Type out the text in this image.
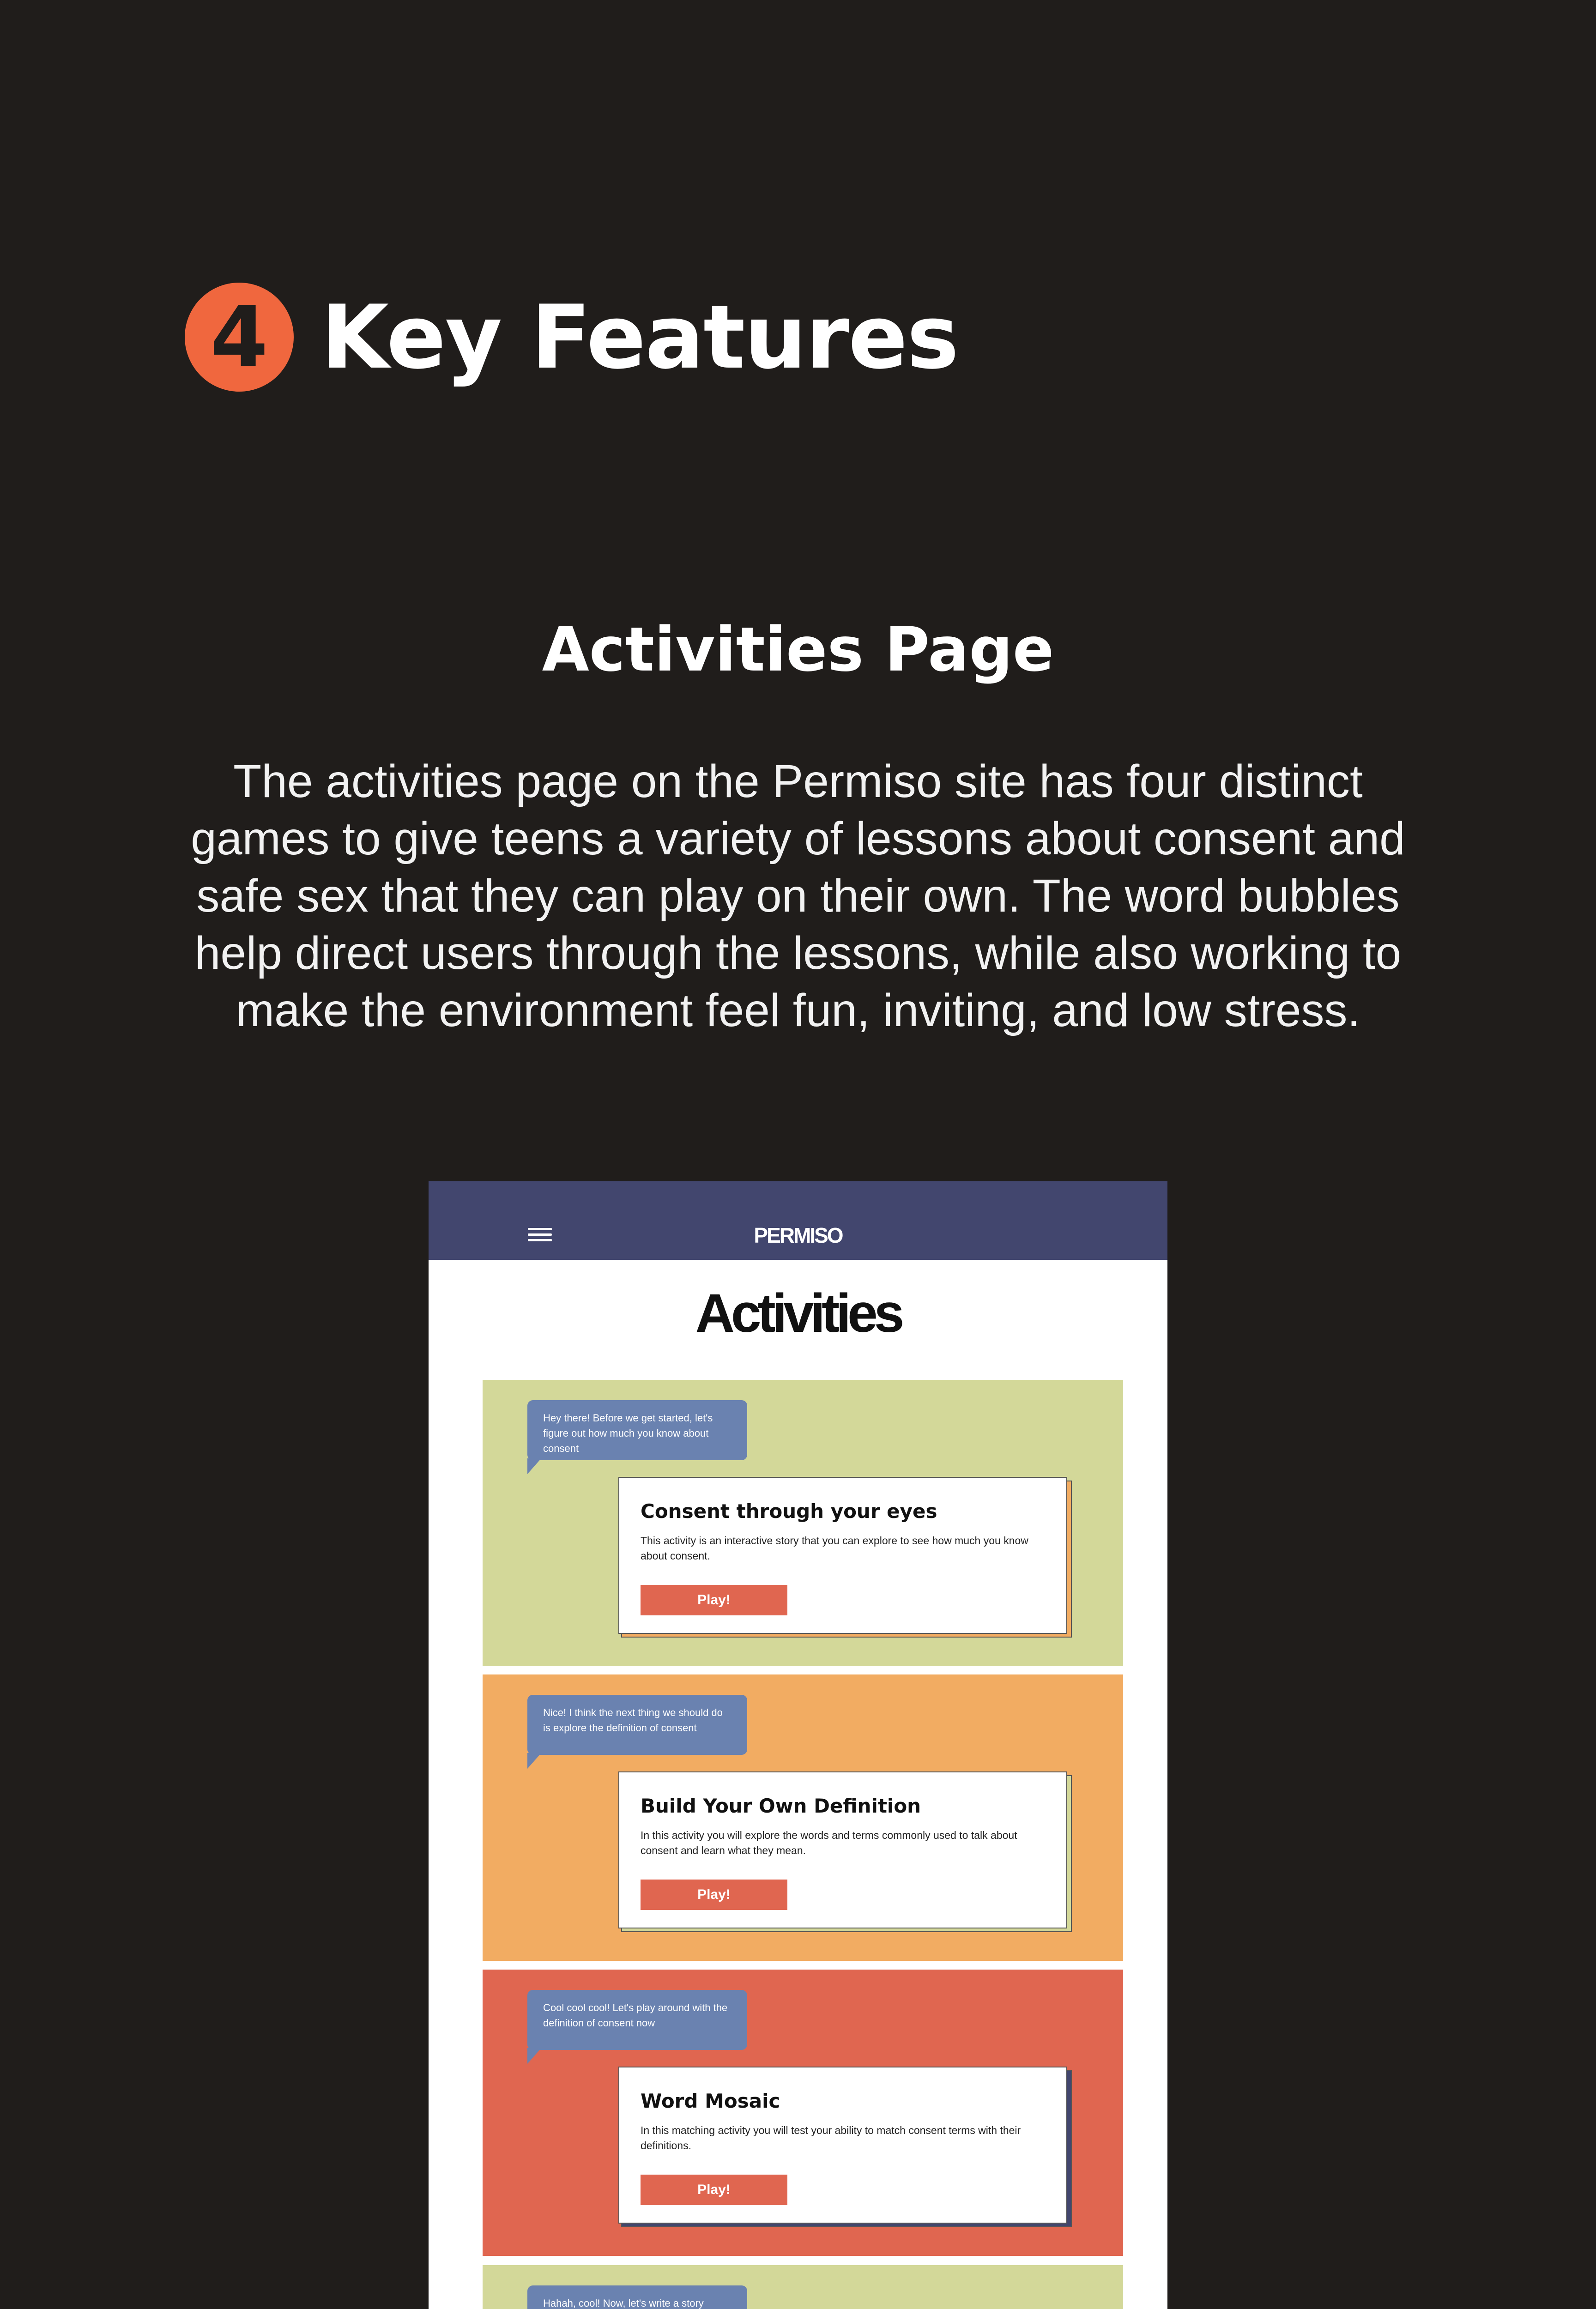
4 Key Features
Activities Page

The activities page on the Permiso site has four distinct games to give teens a variety of lessons about consent and safe sex that they can play on their own. The word bubbles help direct users through the lessons, while also working to make the environment feel fun, inviting, and low stress.

PERMISO
Activities
Hey there! Before we get started, let's figure out how much you know about consent
Consent through your eyes

This activity is an interactive story that you can explore to see how much you know about consent.

Play!
Nice! I think the next thing we should do is explore the definition of consent
Build Your Own Definition

In this activity you will explore the words and terms commonly used to talk about consent and learn what they mean.

Play!
Cool cool cool! Let's play around with the definition of consent now
Word Mosaic

In this matching activity you will test your ability to match consent terms with their definitions.

Play!
Hahah, cool! Now, let's write a story
